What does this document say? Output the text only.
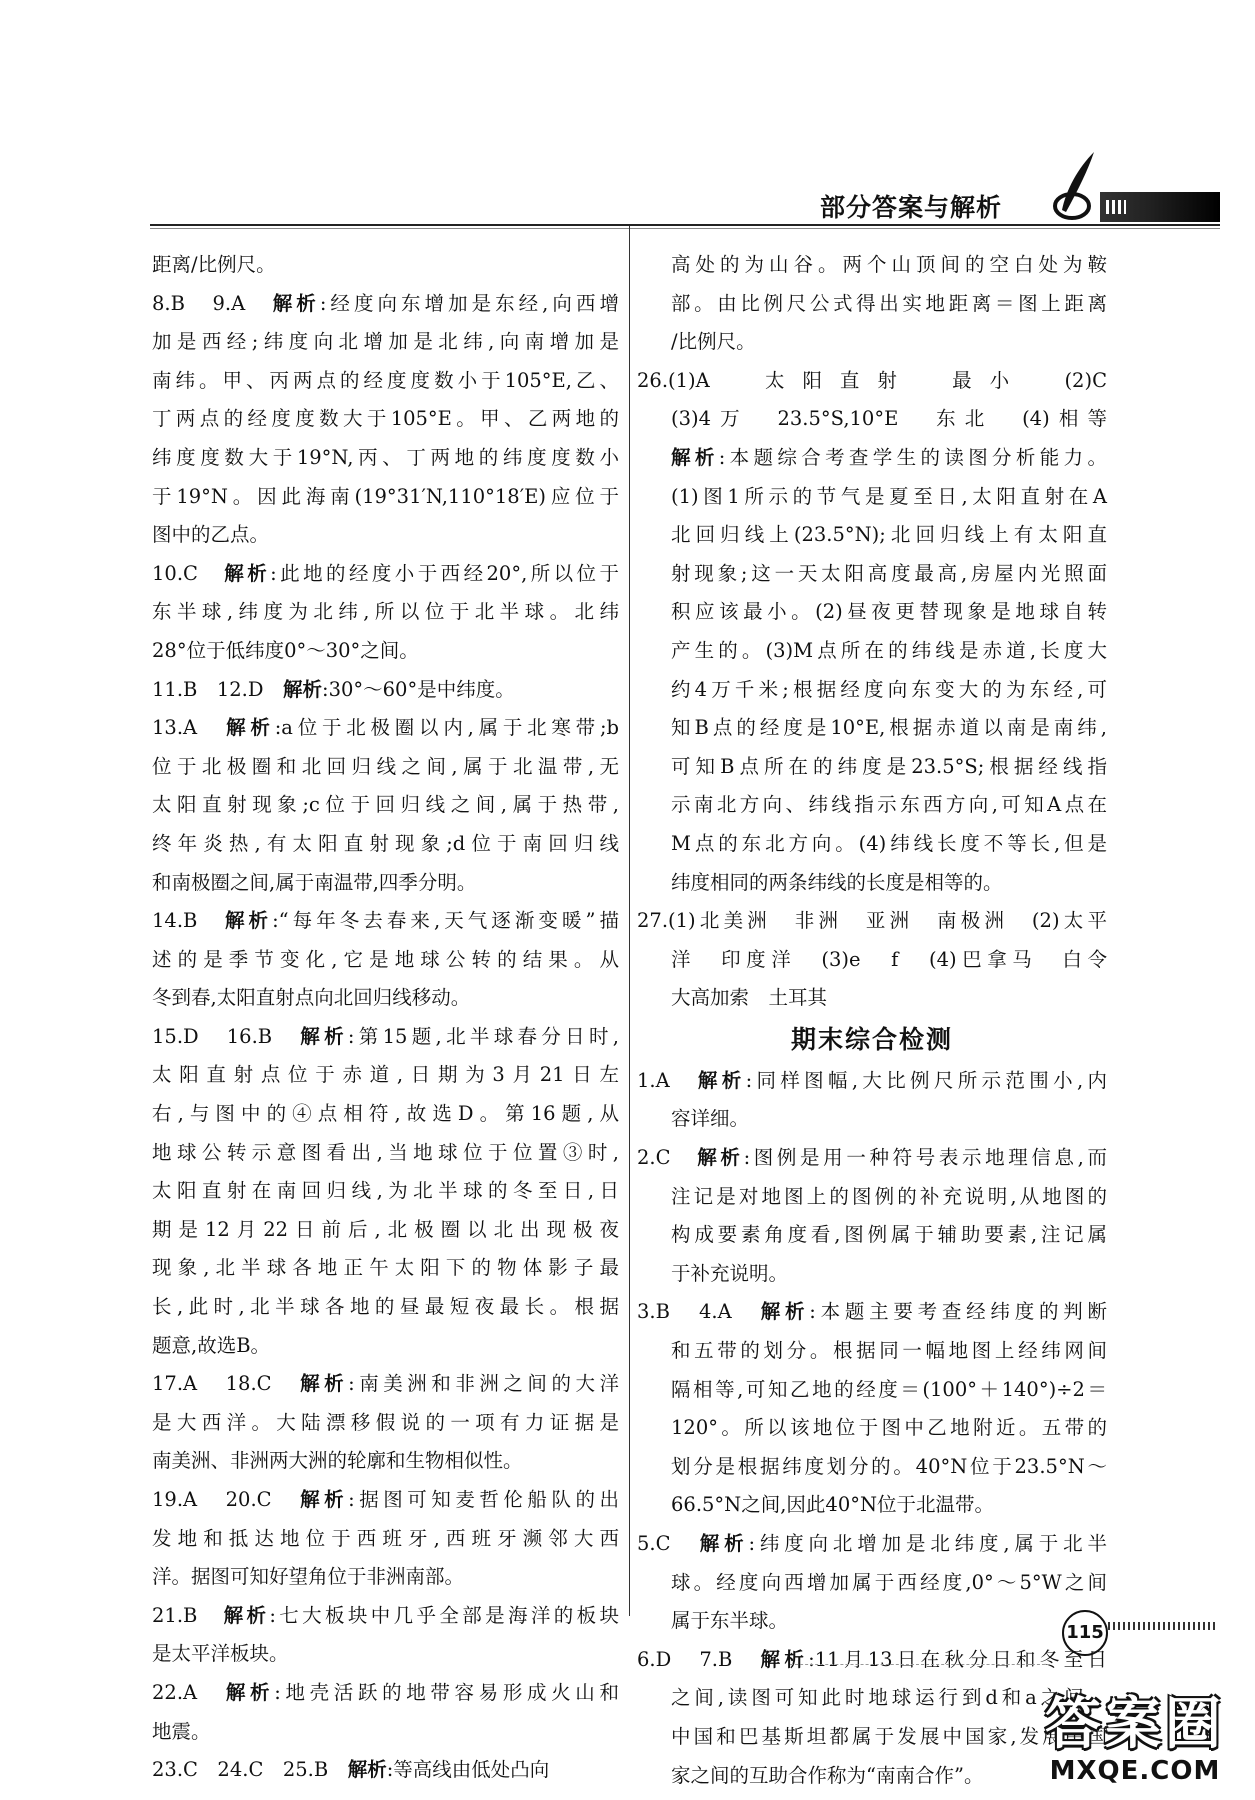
部分答案与解析
距离/比例尺。
8.B　9.A　解析:经度向东增加是东经,向西增
加是西经;纬度向北增加是北纬,向南增加是
南纬。甲、丙两点的经度度数小于105°E,乙、
丁两点的经度度数大于105°E。甲、乙两地的
纬度度数大于19°N,丙、丁两地的纬度度数小
于19°N。因此海南(19°31′N,110°18′E)应位于
图中的乙点。
10.C　解析:此地的经度小于西经20°,所以位于
东半球,纬度为北纬,所以位于北半球。北纬
28°位于低纬度0°～30°之间。
11.B　12.D　解析:30°～60°是中纬度。
13.A　解析:a位于北极圈以内,属于北寒带;b
位于北极圈和北回归线之间,属于北温带,无
太阳直射现象;c位于回归线之间,属于热带,
终年炎热,有太阳直射现象;d位于南回归线
和南极圈之间,属于南温带,四季分明。
14.B　解析:“每年冬去春来,天气逐渐变暖”描
述的是季节变化,它是地球公转的结果。从
冬到春,太阳直射点向北回归线移动。
15.D　16.B　解析:第15题,北半球春分日时,
太阳直射点位于赤道,日期为3月21日左
右,与图中的④点相符,故选D。第16题,从
地球公转示意图看出,当地球位于位置③时,
太阳直射在南回归线,为北半球的冬至日,日
期是12月22日前后,北极圈以北出现极夜
现象,北半球各地正午太阳下的物体影子最
长,此时,北半球各地的昼最短夜最长。根据
题意,故选B。
17.A　18.C　解析:南美洲和非洲之间的大洋
是大西洋。大陆漂移假说的一项有力证据是
南美洲、非洲两大洲的轮廓和生物相似性。
19.A　20.C　解析:据图可知麦哲伦船队的出
发地和抵达地位于西班牙,西班牙濒邻大西
洋。据图可知好望角位于非洲南部。
21.B　解析:七大板块中几乎全部是海洋的板块
是太平洋板块。
22.A　解析:地壳活跃的地带容易形成火山和
地震。
23.C　24.C　25.B　解析:等高线由低处凸向
高处的为山谷。两个山顶间的空白处为鞍
部。由比例尺公式得出实地距离＝图上距离
/比例尺。
26.(1)A　太阳直射　最小　(2)C
(3)4万　23.5°S,10°E　东北　(4)相等
解析:本题综合考查学生的读图分析能力。
(1)图1所示的节气是夏至日,太阳直射在A
北回归线上(23.5°N);北回归线上有太阳直
射现象;这一天太阳高度最高,房屋内光照面
积应该最小。(2)昼夜更替现象是地球自转
产生的。(3)M点所在的纬线是赤道,长度大
约4万千米;根据经度向东变大的为东经,可
知B点的经度是10°E,根据赤道以南是南纬,
可知B点所在的纬度是23.5°S;根据经线指
示南北方向、纬线指示东西方向,可知A点在
M点的东北方向。(4)纬线长度不等长,但是
纬度相同的两条纬线的长度是相等的。
27.(1)北美洲　非洲　亚洲　南极洲　(2)太平
洋　印度洋　(3)e　f　(4)巴拿马　白令
大高加索　土耳其
期末综合检测
1.A　解析:同样图幅,大比例尺所示范围小,内
容详细。
2.C　解析:图例是用一种符号表示地理信息,而
注记是对地图上的图例的补充说明,从地图的
构成要素角度看,图例属于辅助要素,注记属
于补充说明。
3.B　4.A　解析:本题主要考查经纬度的判断
和五带的划分。根据同一幅地图上经纬网间
隔相等,可知乙地的经度＝(100°＋140°)÷2＝
120°。所以该地位于图中乙地附近。五带的
划分是根据纬度划分的。40°N位于23.5°N～
66.5°N之间,因此40°N位于北温带。
5.C　解析:纬度向北增加是北纬度,属于北半
球。经度向西增加属于西经度,0°～5°W之间
属于东半球。
6.D　7.B　解析:11月13日在秋分日和冬至日
之间,读图可知此时地球运行到d和a之间。
中国和巴基斯坦都属于发展中国家,发展中国
家之间的互助合作称为“南南合作”。
115
答案圈
MXQE.COM
